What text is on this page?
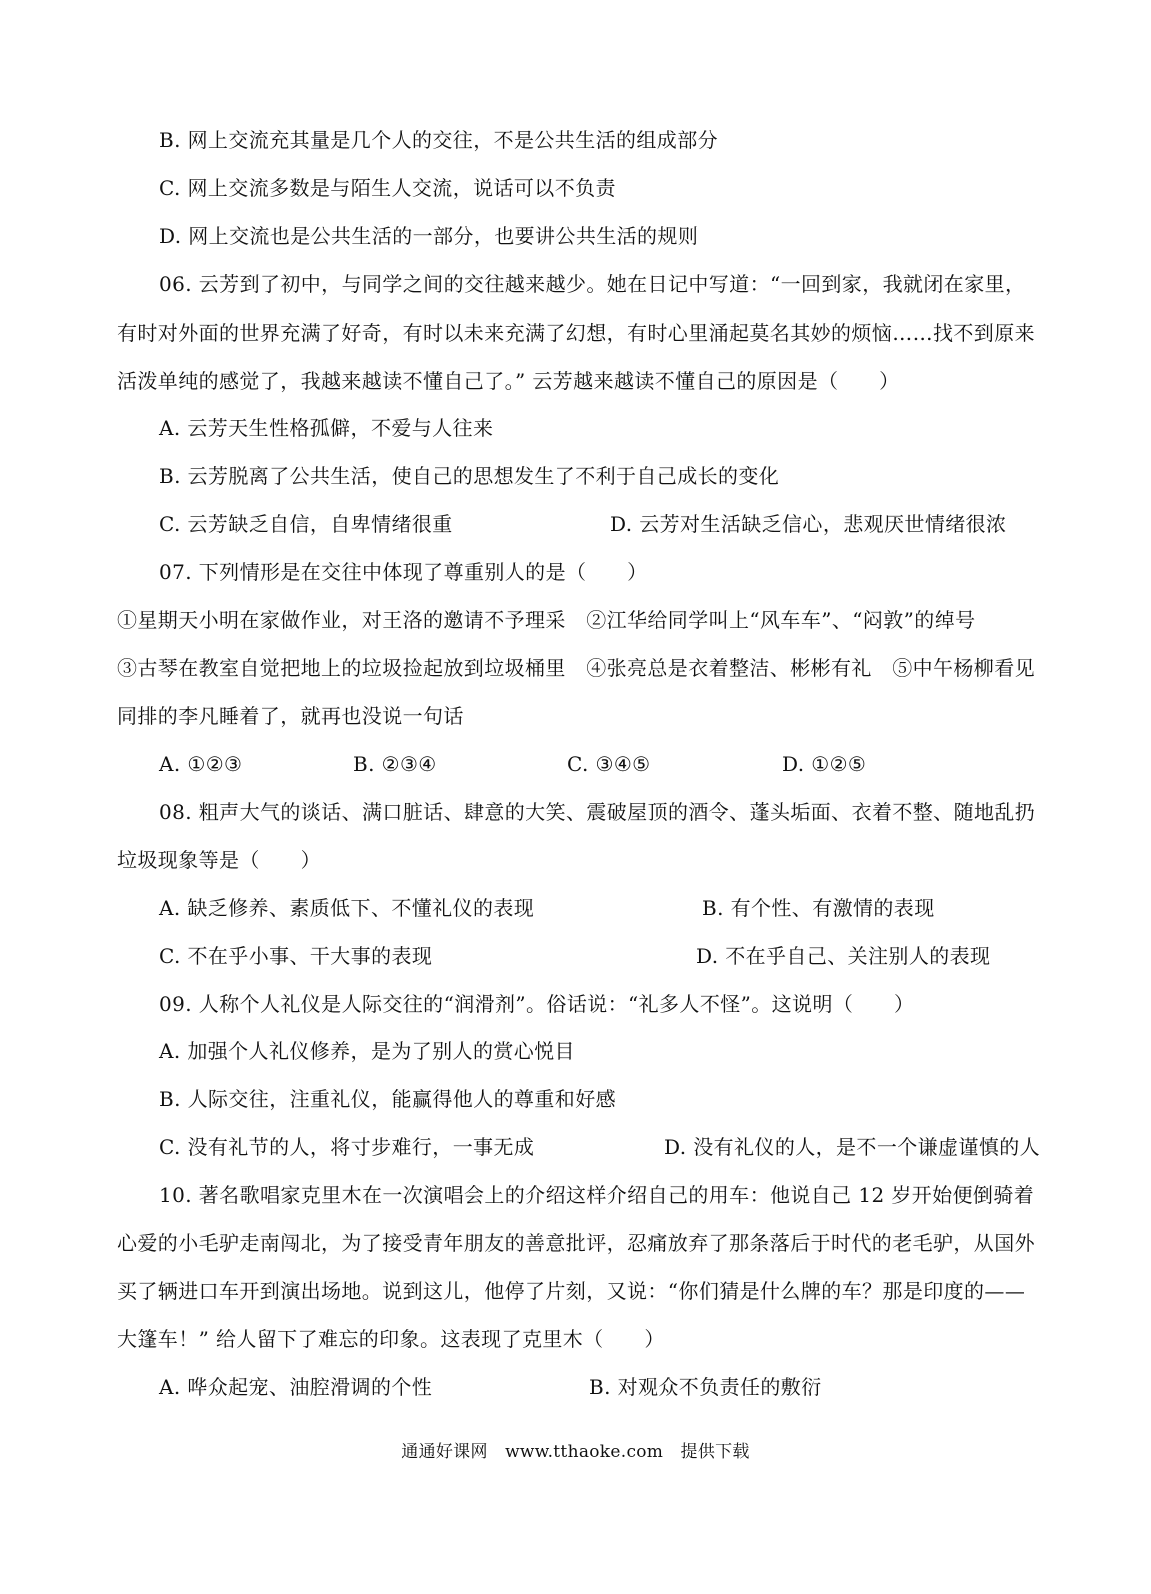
B. 网上交流充其量是几个人的交往，不是公共生活的组成部分
C. 网上交流多数是与陌生人交流，说话可以不负责
D. 网上交流也是公共生活的一部分，也要讲公共生活的规则
06. 云芳到了初中，与同学之间的交往越来越少。她在日记中写道：“一回到家，我就闭在家里，
有时对外面的世界充满了好奇，有时以未来充满了幻想，有时心里涌起莫名其妙的烦恼……找不到原来
活泼单纯的感觉了，我越来越读不懂自己了。” 云芳越来越读不懂自己的原因是（　　）
A. 云芳天生性格孤僻，不爱与人往来
B. 云芳脱离了公共生活，使自己的思想发生了不利于自己成长的变化
C. 云芳缺乏自信，自卑情绪很重	D. 云芳对生活缺乏信心，悲观厌世情绪很浓
07. 下列情形是在交往中体现了尊重别人的是（　　）
①星期天小明在家做作业，对王洛的邀请不予理采　②江华给同学叫上“风车车”、“闷敦”的绰号
③古琴在教室自觉把地上的垃圾捡起放到垃圾桶里　④张亮总是衣着整洁、彬彬有礼　⑤中午杨柳看见
同排的李凡睡着了，就再也没说一句话
A. ①②③	B. ②③④	C. ③④⑤	D. ①②⑤
08. 粗声大气的谈话、满口脏话、肆意的大笑、震破屋顶的酒令、蓬头垢面、衣着不整、随地乱扔
垃圾现象等是（　　）
A. 缺乏修养、素质低下、不懂礼仪的表现	B. 有个性、有激情的表现
C. 不在乎小事、干大事的表现	D. 不在乎自己、关注别人的表现
09. 人称个人礼仪是人际交往的“润滑剂”。俗话说：“礼多人不怪”。这说明（　　）
A. 加强个人礼仪修养，是为了别人的赏心悦目
B. 人际交往，注重礼仪，能赢得他人的尊重和好感
C. 没有礼节的人，将寸步难行，一事无成	D. 没有礼仪的人，是不一个谦虚谨慎的人
10. 著名歌唱家克里木在一次演唱会上的介绍这样介绍自己的用车：他说自己 12 岁开始便倒骑着
心爱的小毛驴走南闯北，为了接受青年朋友的善意批评，忍痛放弃了那条落后于时代的老毛驴，从国外
买了辆进口车开到演出场地。说到这儿，他停了片刻，又说：“你们猜是什么牌的车？那是印度的——
大篷车！” 给人留下了难忘的印象。这表现了克里木（　　）
A. 哗众起宠、油腔滑调的个性	B. 对观众不负责任的敷衍
通通好课网　www.tthaoke.com　提供下载
